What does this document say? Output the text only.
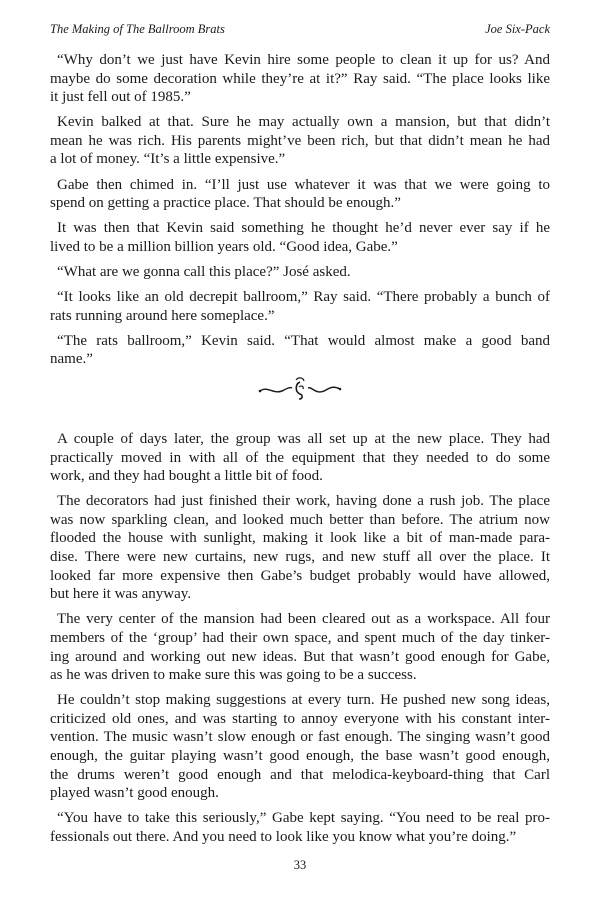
The Making of The Ballroom Brats	Joe Six-Pack

“Why don’t we just have Kevin hire some people to clean it up for us? And
maybe do some decoration while they’re at it?” Ray said. “The place looks like
it just fell out of 1985.”

Kevin balked at that. Sure he may actually own a mansion, but that didn’t
mean he was rich. His parents might’ve been rich, but that didn’t mean he had
a lot of money. “It’s a little expensive.”

Gabe then chimed in. “I’ll just use whatever it was that we were going to
spend on getting a practice place. That should be enough.”

It was then that Kevin said something he thought he’d never ever say if he
lived to be a million billion years old. “Good idea, Gabe.”

“What are we gonna call this place?” José asked.

“It looks like an old decrepit ballroom,” Ray said. “There probably a bunch of
rats running around here someplace.”

“The rats ballroom,” Kevin said. “That would almost make a good band
name.”

A couple of days later, the group was all set up at the new place. They had
practically moved in with all of the equipment that they needed to do some
work, and they had bought a little bit of food.

The decorators had just finished their work, having done a rush job. The place
was now sparkling clean, and looked much better than before. The atrium now
flooded the house with sunlight, making it look like a bit of man-made para-
dise. There were new curtains, new rugs, and new stuff all over the place. It
looked far more expensive then Gabe’s budget probably would have allowed,
but here it was anyway.

The very center of the mansion had been cleared out as a workspace. All four
members of the ‘group’ had their own space, and spent much of the day tinker-
ing around and working out new ideas. But that wasn’t good enough for Gabe,
as he was driven to make sure this was going to be a success.

He couldn’t stop making suggestions at every turn. He pushed new song ideas,
criticized old ones, and was starting to annoy everyone with his constant inter-
vention. The music wasn’t slow enough or fast enough. The singing wasn’t good
enough, the guitar playing wasn’t good enough, the base wasn’t good enough,
the drums weren’t good enough and that melodica-keyboard-thing that Carl
played wasn’t good enough.

“You have to take this seriously,” Gabe kept saying. “You need to be real pro-
fessionals out there. And you need to look like you know what you’re doing.”

33
